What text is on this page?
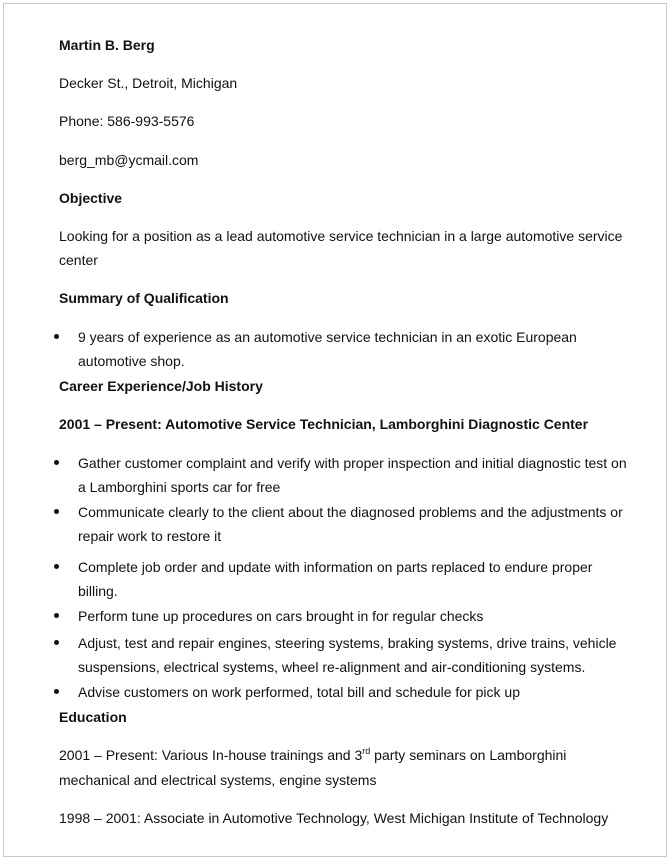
Martin B. Berg

Decker St., Detroit, Michigan

Phone: 586-993-5576

berg_mb@ycmail.com

Objective

Looking for a position as a lead automotive service technician in a large automotive service

center

Summary of Qualification

9 years of experience as an automotive service technician in an exotic European
automotive shop.

Career Experience/Job History

2001 – Present: Automotive Service Technician, Lamborghini Diagnostic Center

Gather customer complaint and verify with proper inspection and initial diagnostic test on
a Lamborghini sports car for free
Communicate clearly to the client about the diagnosed problems and the adjustments or
repair work to restore it
Complete job order and update with information on parts replaced to endure proper
billing.
Perform tune up procedures on cars brought in for regular checks
Adjust, test and repair engines, steering systems, braking systems, drive trains, vehicle
suspensions, electrical systems, wheel re-alignment and air-conditioning systems.
Advise customers on work performed, total bill and schedule for pick up

Education

2001 – Present: Various In-house trainings and 3rd party seminars on Lamborghini

mechanical and electrical systems, engine systems

1998 – 2001: Associate in Automotive Technology, West Michigan Institute of Technology
